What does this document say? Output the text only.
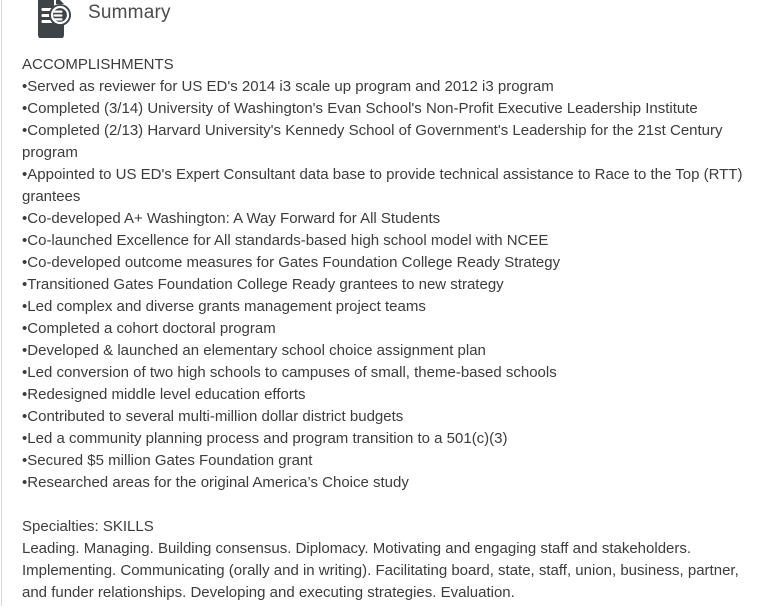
Summary
ACCOMPLISHMENTS
• Served as reviewer for US ED's 2014 i3 scale up program and 2012 i3 program
• Completed (3/14) University of Washington's Evan School's Non-Profit Executive Leadership Institute
• Completed (2/13) Harvard University's Kennedy School of Government's Leadership for the 21st Century program
• Appointed to US ED's Expert Consultant data base to provide technical assistance to Race to the Top (RTT) grantees
• Co-developed A+ Washington: A Way Forward for All Students
• Co-launched Excellence for All standards-based high school model with NCEE
• Co-developed outcome measures for Gates Foundation College Ready Strategy
• Transitioned Gates Foundation College Ready grantees to new strategy
• Led complex and diverse grants management project teams
• Completed a cohort doctoral program
• Developed & launched an elementary school choice assignment plan
• Led conversion of two high schools to campuses of small, theme-based schools
• Redesigned middle level education efforts
• Contributed to several multi-million dollar district budgets
• Led a community planning process and program transition to a 501(c)(3)
• Secured $5 million Gates Foundation grant
• Researched areas for the original America’s Choice study
Specialties: SKILLS
Leading. Managing. Building consensus. Diplomacy. Motivating and engaging staff and stakeholders. Implementing. Communicating (orally and in writing). Facilitating board, state, staff, union, business, partner, and funder relationships. Developing and executing strategies. Evaluation.
